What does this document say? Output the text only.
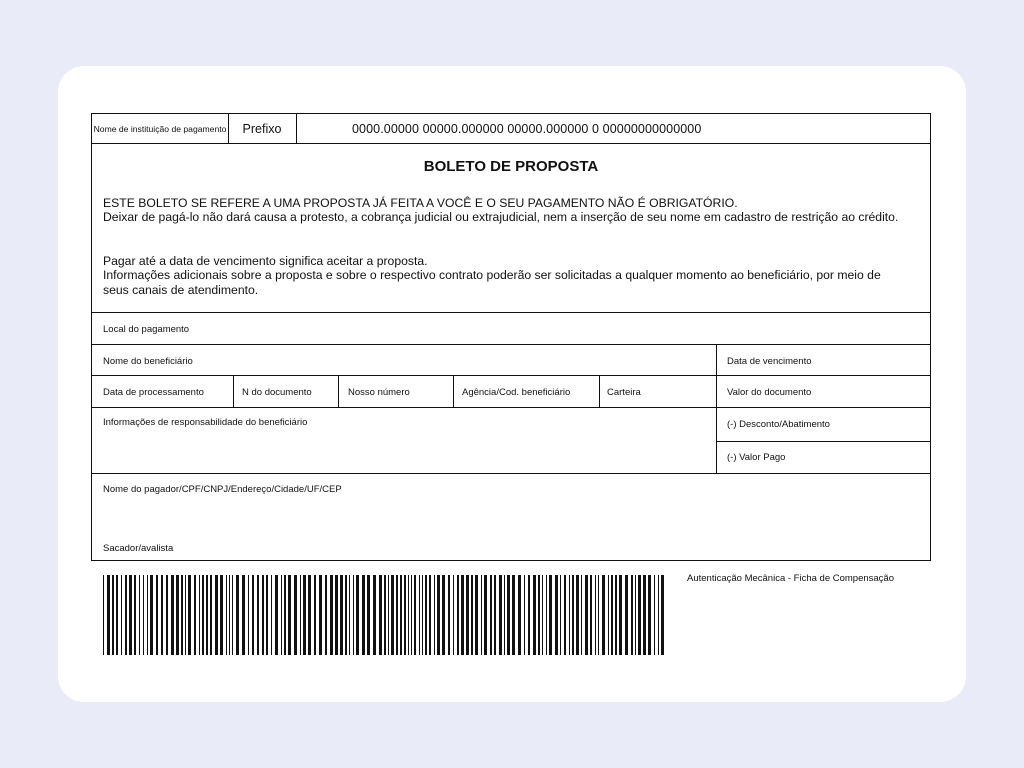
Nome de instituição de pagamento	Prefixo	0000.00000 00000.000000 00000.000000 0 00000000000000
BOLETO DE PROPOSTA
ESTE BOLETO SE REFERE A UMA PROPOSTA JÁ FEITA A VOCÊ E O SEU PAGAMENTO NÃO É OBRIGATÓRIO.
Deixar de pagá-lo não dará causa a protesto, a cobrança judicial ou extrajudicial, nem a inserção de seu nome em cadastro de restrição ao crédito.
Pagar até a data de vencimento significa aceitar a proposta.
Informações adicionais sobre a proposta e sobre o respectivo contrato poderão ser solicitadas a qualquer momento ao beneficiário, por meio de seus canais de atendimento.
Local do pagamento
Nome do beneficiário	Data de vencimento
Data de processamento	N do documento	Nosso número	Agência/Cod. beneficiário	Carteira	Valor do documento
Informações de responsabilidade do beneficiário	(-) Desconto/Abatimento
(-) Valor Pago
Nome do pagador/CPF/CNPJ/Endereço/Cidade/UF/CEP
Sacador/avalista
Autenticação Mecânica - Ficha de Compensação
